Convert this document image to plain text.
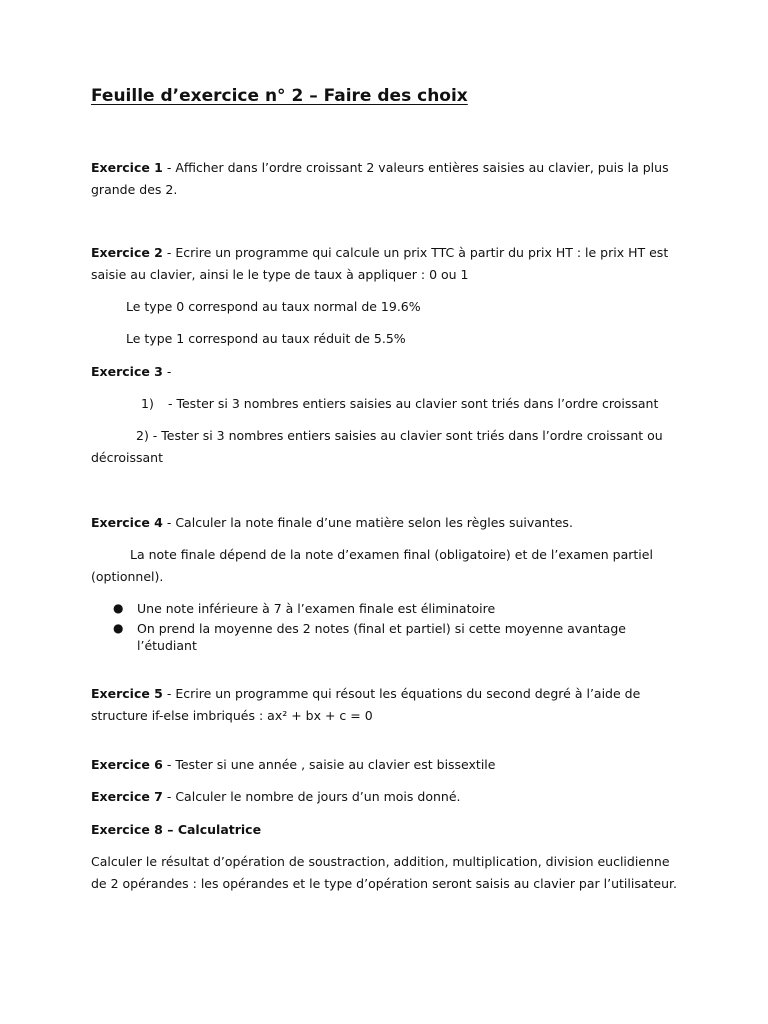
Feuille d’exercice n° 2 – Faire des choix
Exercice 1 - Afficher dans l’ordre croissant 2 valeurs entières saisies au clavier, puis la plus grande des 2.
Exercice 2 - Ecrire un programme qui calcule un prix TTC à partir du prix HT : le prix HT est saisie au clavier, ainsi le le type de taux à appliquer : 0 ou 1
Le type 0 correspond au taux normal de 19.6%
Le type 1 correspond au taux réduit de 5.5%
Exercice 3 -
1) - Tester si 3 nombres entiers saisies au clavier sont triés dans l’ordre croissant
2) - Tester si 3 nombres entiers saisies au clavier sont triés dans l’ordre croissant ou
décroissant
Exercice 4 - Calculer la note finale d’une matière selon les règles suivantes.
La note finale dépend de la note d’examen final (obligatoire) et de l’examen partiel
(optionnel).
● Une note inférieure à 7 à l’examen finale est éliminatoire
● On prend la moyenne des 2 notes (final et partiel) si cette moyenne avantage l’étudiant
Exercice 5 - Ecrire un programme qui résout les équations du second degré à l’aide de structure if-else imbriqués : ax² + bx + c = 0
Exercice 6 - Tester si une année , saisie au clavier est bissextile
Exercice 7 - Calculer le nombre de jours d’un mois donné.
Exercice 8 – Calculatrice
Calculer le résultat d’opération de soustraction, addition, multiplication, division euclidienne de 2 opérandes : les opérandes et le type d’opération seront saisis au clavier par l’utilisateur.
